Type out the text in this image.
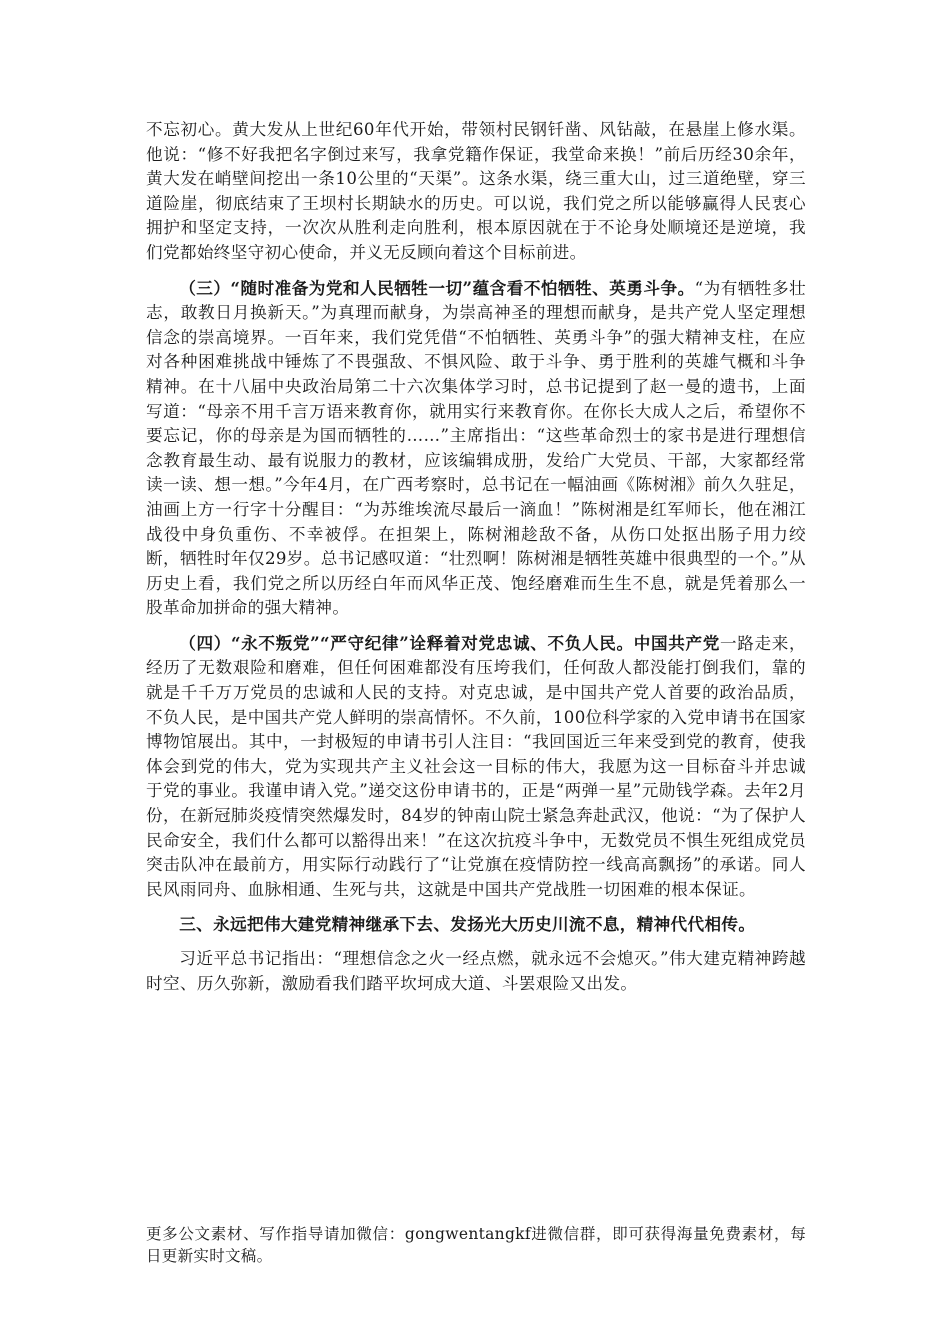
不忘初心。黄大发从上世纪60年代开始，带领村民钢钎凿、风钻敲，在悬崖上修水渠。他说：“修不好我把名字倒过来写，我拿党籍作保证，我堂命来换！”前后历经30余年，黄大发在峭壁间挖出一条10公里的“天渠”。这条水渠，绕三重大山，过三道绝壁，穿三道险崖，彻底结束了王坝村长期缺水的历史。可以说，我们党之所以能够赢得人民衷心拥护和坚定支持，一次次从胜利走向胜利，根本原因就在于不论身处顺境还是逆境，我们党都始终坚守初心使命，并义无反顾向着这个目标前进。

（三）“随时准备为党和人民牺牲一切”蕴含看不怕牺牲、英勇斗争。“为有牺牲多壮志，敢教日月换新天。”为真理而献身，为崇高神圣的理想而献身，是共产党人坚定理想信念的崇高境界。一百年来，我们党凭借“不怕牺牲、英勇斗争”的强大精神支柱，在应对各种困难挑战中锤炼了不畏强敌、不惧风险、敢于斗争、勇于胜利的英雄气概和斗争精神。在十八届中央政治局第二十六次集体学习时，总书记提到了赵一曼的遗书，上面写道：“母亲不用千言万语来教育你，就用实行来教育你。在你长大成人之后，希望你不要忘记，你的母亲是为国而牺牲的……”主席指出：“这些革命烈士的家书是进行理想信念教育最生动、最有说服力的教材，应该编辑成册，发给广大党员、干部，大家都经常读一读、想一想。”今年4月，在广西考察时，总书记在一幅油画《陈树湘》前久久驻足，油画上方一行字十分醒目：“为苏维埃流尽最后一滴血！”陈树湘是红军师长，他在湘江战役中身负重伤、不幸被俘。在担架上，陈树湘趁敌不备，从伤口处抠出肠子用力绞断，牺牲时年仅29岁。总书记感叹道：“壮烈啊！陈树湘是牺牲英雄中很典型的一个。”从历史上看，我们党之所以历经白年而风华正茂、饱经磨难而生生不息，就是凭着那么一股革命加拼命的强大精神。

（四）“永不叛党”“严守纪律”诠释着对党忠诚、不负人民。中国共产党一路走来，经历了无数艰险和磨难，但任何困难都没有压垮我们，任何敌人都没能打倒我们，靠的就是千千万万党员的忠诚和人民的支持。对克忠诚，是中国共产党人首要的政治品质，不负人民，是中国共产党人鲜明的崇高情怀。不久前，100位科学家的入党申请书在国家博物馆展出。其中，一封极短的申请书引人注目：“我回国近三年来受到党的教育，使我体会到党的伟大，党为实现共产主义社会这一目标的伟大，我愿为这一目标奋斗并忠诚于党的事业。我谨申请入党。”递交这份申请书的，正是“两弹一星”元勋钱学森。去年2月份，在新冠肺炎疫情突然爆发时，84岁的钟南山院士紧急奔赴武汉，他说：“为了保护人民命安全，我们什么都可以豁得出来！”在这次抗疫斗争中，无数党员不惧生死组成党员突击队冲在最前方，用实际行动践行了“让党旗在疫情防控一线高高飘扬”的承诺。同人民风雨同舟、血脉相通、生死与共，这就是中国共产党战胜一切困难的根本保证。

三、永远把伟大建党精神继承下去、发扬光大历史川流不息，精神代代相传。

习近平总书记指出：“理想信念之火一经点燃，就永远不会熄灭。”伟大建克精神跨越时空、历久弥新，激励看我们踏平坎坷成大道、斗罢艰险又出发。

更多公文素材、写作指导请加微信：gongwentangkf进微信群，即可获得海量免费素材，每日更新实时文稿。
